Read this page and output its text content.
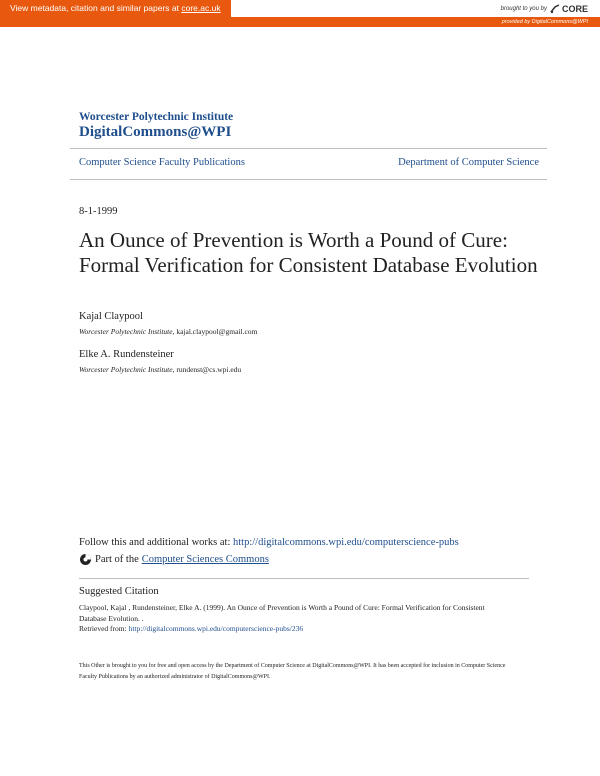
View metadata, citation and similar papers at core.ac.uk	brought to you by CORE
provided by DigitalCommons@WPI
Worcester Polytechnic Institute
DigitalCommons@WPI
Computer Science Faculty Publications	Department of Computer Science
8-1-1999
An Ounce of Prevention is Worth a Pound of Cure: Formal Verification for Consistent Database Evolution
Kajal Claypool
Worcester Polytechnic Institute, kajal.claypool@gmail.com
Elke A. Rundensteiner
Worcester Polytechnic Institute, rundenst@cs.wpi.edu
Follow this and additional works at: http://digitalcommons.wpi.edu/computerscience-pubs
Part of the Computer Sciences Commons
Suggested Citation
Claypool, Kajal , Rundensteiner, Elke A. (1999). An Ounce of Prevention is Worth a Pound of Cure: Formal Verification for Consistent Database Evolution. .
Retrieved from: http://digitalcommons.wpi.edu/computerscience-pubs/236
This Other is brought to you for free and open access by the Department of Computer Science at DigitalCommons@WPI. It has been accepted for inclusion in Computer Science Faculty Publications by an authorized administrator of DigitalCommons@WPI.
